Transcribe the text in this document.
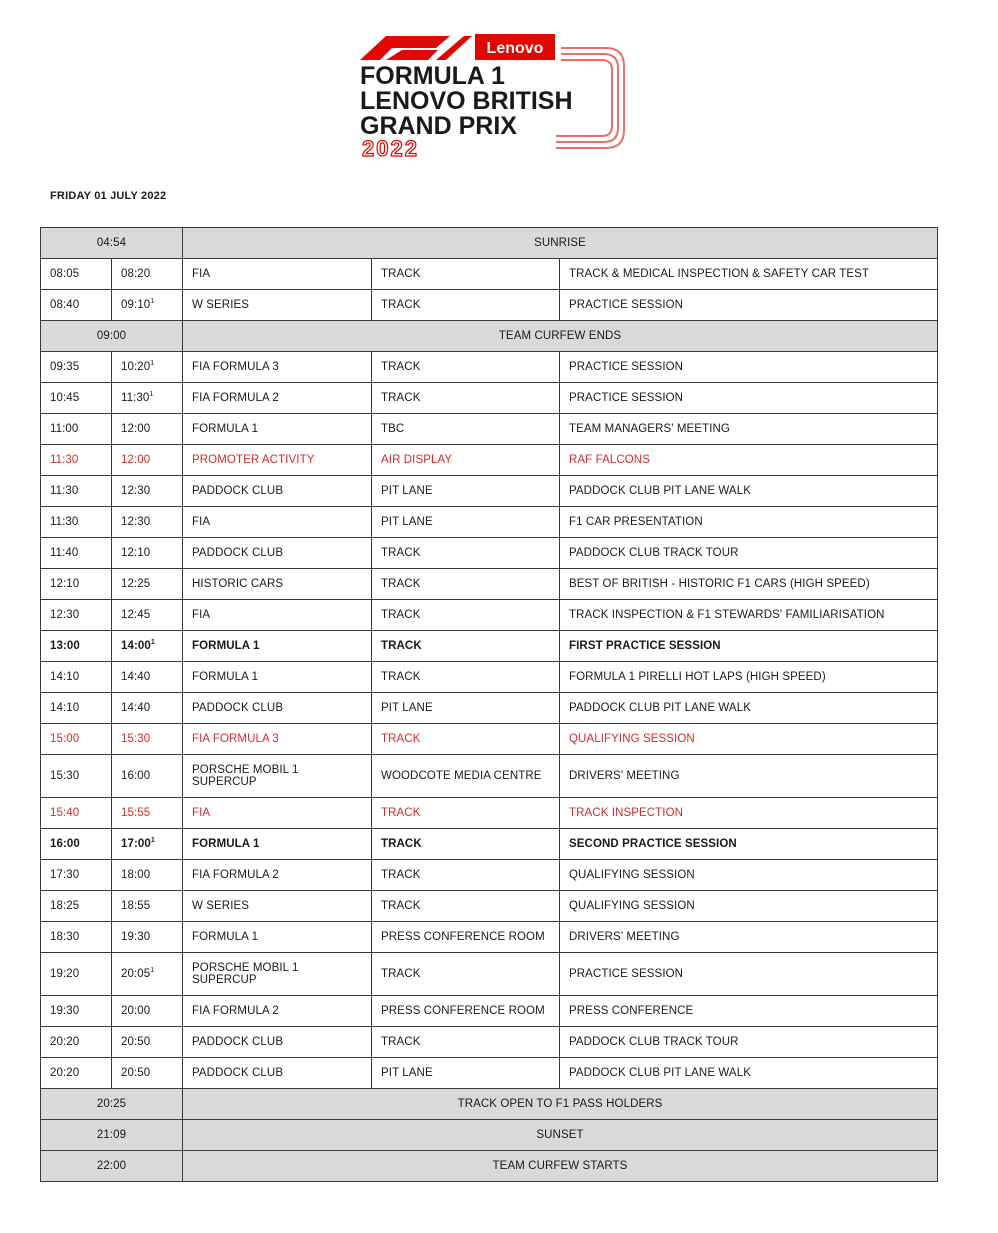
Lenovo
FORMULA 1
LENOVO BRITISH
GRAND PRIX
2022
FRIDAY 01 JULY 2022
04:54		SUNRISE		
08:05	08:20	FIA	TRACK	TRACK & MEDICAL INSPECTION & SAFETY CAR TEST
08:40	$09:10^1$	W SERIES	TRACK	PRACTICE SESSION
09:00		TEAM CURFEW ENDS		
09:35	$10:20^1$	FIA FORMULA 3	TRACK	PRACTICE SESSION
10:45	$11:30^1$	FIA FORMULA 2	TRACK	PRACTICE SESSION
11:00	12:00	FORMULA 1	TBC	TEAM MANAGERS' MEETING
11:30	12:00	PROMOTER ACTIVITY	AIR DISPLAY	RAF FALCONS
11:30	12:30	PADDOCK CLUB	PIT LANE	PADDOCK CLUB PIT LANE WALK
11:30	12:30	FIA	PIT LANE	F1 CAR PRESENTATION
11:40	12:10	PADDOCK CLUB	TRACK	PADDOCK CLUB TRACK TOUR
12:10	12:25	HISTORIC CARS	TRACK	BEST OF BRITISH - HISTORIC F1 CARS (HIGH SPEED)
12:30	12:45	FIA	TRACK	TRACK INSPECTION & F1 STEWARDS' FAMILIARISATION
13:00	$14:00^1$	FORMULA 1	TRACK	FIRST PRACTICE SESSION
14:10	14:40	FORMULA 1	TRACK	FORMULA 1 PIRELLI HOT LAPS (HIGH SPEED)
14:10	14:40	PADDOCK CLUB	PIT LANE	PADDOCK CLUB PIT LANE WALK
15:00	15:30	FIA FORMULA 3	TRACK	QUALIFYING SESSION
15:30	16:00	PORSCHE MOBIL 1 SUPERCUP	WOODCOTE MEDIA CENTRE	DRIVERS' MEETING
15:40	15:55	FIA	TRACK	TRACK INSPECTION
16:00	$17:00^1$	FORMULA 1	TRACK	SECOND PRACTICE SESSION
17:30	18:00	FIA FORMULA 2	TRACK	QUALIFYING SESSION
18:25	18:55	W SERIES	TRACK	QUALIFYING SESSION
18:30	19:30	FORMULA 1	PRESS CONFERENCE ROOM	DRIVERS' MEETING
19:20	$20:05^1$	PORSCHE MOBIL 1 SUPERCUP	TRACK	PRACTICE SESSION
19:30	20:00	FIA FORMULA 2	PRESS CONFERENCE ROOM	PRESS CONFERENCE
20:20	20:50	PADDOCK CLUB	TRACK	PADDOCK CLUB TRACK TOUR
20:20	20:50	PADDOCK CLUB	PIT LANE	PADDOCK CLUB PIT LANE WALK
20:25		TRACK OPEN TO F1 PASS HOLDERS		
21:09		SUNSET		
22:00		TEAM CURFEW STARTS		
